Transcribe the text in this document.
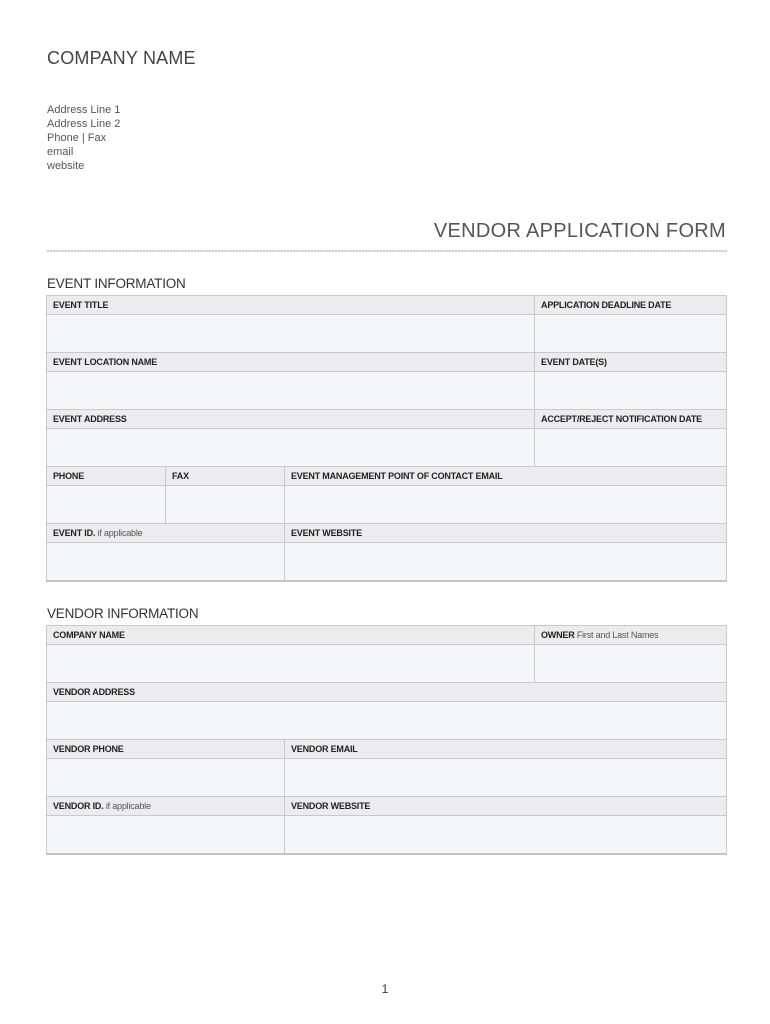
COMPANY NAME
Address Line 1
Address Line 2
Phone | Fax
email
website
VENDOR APPLICATION FORM
EVENT INFORMATION
EVENT TITLE			APPLICATION DEADLINE DATE

EVENT LOCATION NAME			EVENT DATE(S)

EVENT ADDRESS			ACCEPT/REJECT NOTIFICATION DATE

PHONE	FAX	EVENT MANAGEMENT POINT OF CONTACT EMAIL	

EVENT ID. if applicable		EVENT WEBSITE	

VENDOR INFORMATION
COMPANY NAME		OWNER First and Last Names

VENDOR ADDRESS		

VENDOR PHONE	VENDOR EMAIL	

VENDOR ID. if applicable	VENDOR WEBSITE	

1
